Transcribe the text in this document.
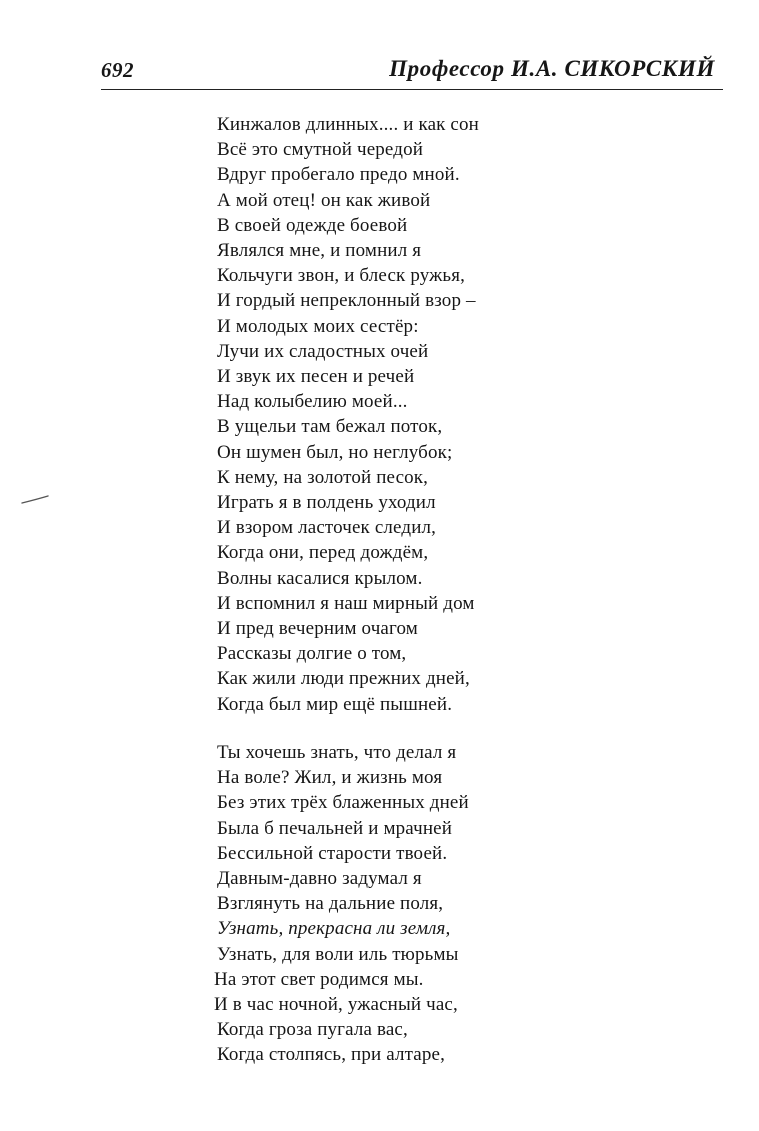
692	Профессор И.А. СИКОРСКИЙ
Кинжалов длинных.... и как сон
Всё это смутной чередой
Вдруг пробегало предо мной.
А мой отец! он как живой
В своей одежде боевой
Являлся мне, и помнил я
Кольчуги звон, и блеск ружья,
И гордый непреклонный взор –
И молодых моих сестёр:
Лучи их сладостных очей
И звук их песен и речей
Над колыбелию моей...
В ущельи там бежал поток,
Он шумен был, но неглубок;
К нему, на золотой песок,
Играть я в полдень уходил
И взором ласточек следил,
Когда они, перед дождём,
Волны касалися крылом.
И вспомнил я наш мирный дом
И пред вечерним очагом
Рассказы долгие о том,
Как жили люди прежних дней,
Когда был мир ещё пышней.
Ты хочешь знать, что делал я
На воле? Жил, и жизнь моя
Без этих трёх блаженных дней
Была б печальней и мрачней
Бессильной старости твоей.
Давным-давно задумал я
Взглянуть на дальние поля,
Узнать, прекрасна ли земля,
Узнать, для воли иль тюрьмы
На этот свет родимся мы.
И в час ночной, ужасный час,
Когда гроза пугала вас,
Когда столпясь, при алтаре,
